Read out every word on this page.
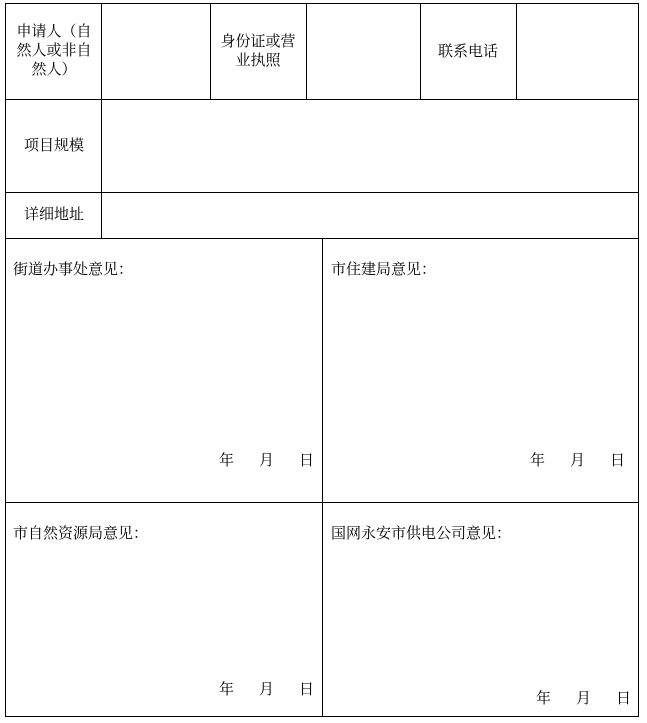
申请人（自然人或非自然人）
身份证或营业执照	联系电话
项目规模
详细地址
街道办事处意见：
年 月 日
市住建局意见：
年 月 日
市自然资源局意见：
年 月 日
国网永安市供电公司意见：
年 月 日
